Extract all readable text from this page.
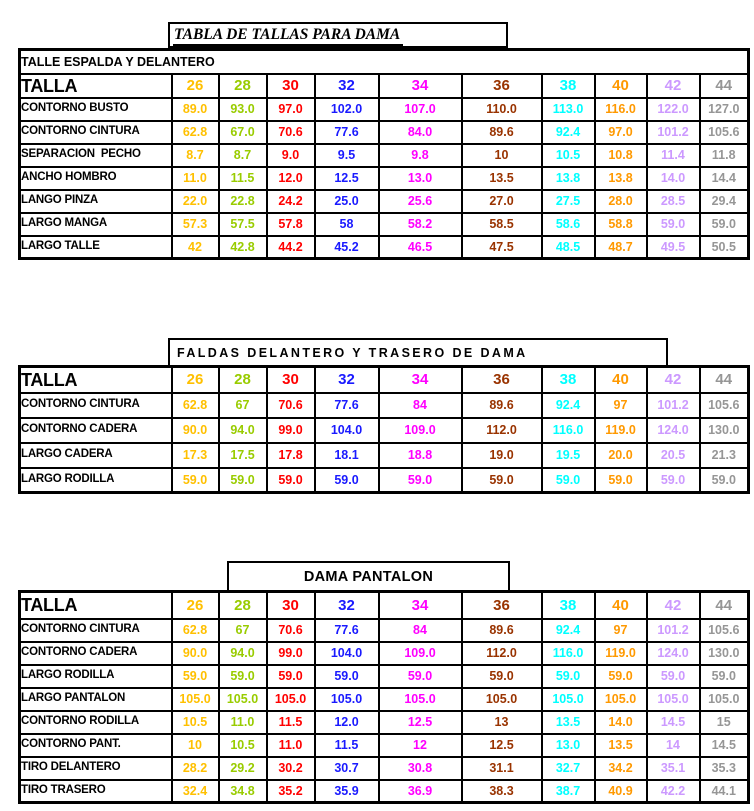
TABLA DE TALLAS PARA DAMA
TALLE ESPALDA Y DELANTERO										
TALLA	26	28	30	32	34	36	38	40	42	44
CONTORNO BUSTO	89.0	93.0	97.0	102.0	107.0	110.0	113.0	116.0	122.0	127.0
CONTORNO CINTURA	62.8	67.0	70.6	77.6	84.0	89.6	92.4	97.0	101.2	105.6
SEPARACION  PECHO	8.7	8.7	9.0	9.5	9.8	10	10.5	10.8	11.4	11.8
ANCHO HOMBRO	11.0	11.5	12.0	12.5	13.0	13.5	13.8	13.8	14.0	14.4
LANGO PINZA	22.0	22.8	24.2	25.0	25.6	27.0	27.5	28.0	28.5	29.4
LARGO MANGA	57.3	57.5	57.8	58	58.2	58.5	58.6	58.8	59.0	59.0
LARGO TALLE	42	42.8	44.2	45.2	46.5	47.5	48.5	48.7	49.5	50.5
FALDAS DELANTERO Y TRASERO DE DAMA
TALLA	26	28	30	32	34	36	38	40	42	44
CONTORNO CINTURA	62.8	67	70.6	77.6	84	89.6	92.4	97	101.2	105.6
CONTORNO CADERA	90.0	94.0	99.0	104.0	109.0	112.0	116.0	119.0	124.0	130.0
LARGO CADERA	17.3	17.5	17.8	18.1	18.8	19.0	19.5	20.0	20.5	21.3
LARGO RODILLA	59.0	59.0	59.0	59.0	59.0	59.0	59.0	59.0	59.0	59.0
DAMA PANTALON
TALLA	26	28	30	32	34	36	38	40	42	44
CONTORNO CINTURA	62.8	67	70.6	77.6	84	89.6	92.4	97	101.2	105.6
CONTORNO CADERA	90.0	94.0	99.0	104.0	109.0	112.0	116.0	119.0	124.0	130.0
LARGO RODILLA	59.0	59.0	59.0	59.0	59.0	59.0	59.0	59.0	59.0	59.0
LARGO PANTALON	105.0	105.0	105.0	105.0	105.0	105.0	105.0	105.0	105.0	105.0
CONTORNO RODILLA	10.5	11.0	11.5	12.0	12.5	13	13.5	14.0	14.5	15
CONTORNO PANT.	10	10.5	11.0	11.5	12	12.5	13.0	13.5	14	14.5
TIRO DELANTERO	28.2	29.2	30.2	30.7	30.8	31.1	32.7	34.2	35.1	35.3
TIRO TRASERO	32.4	34.8	35.2	35.9	36.9	38.3	38.7	40.9	42.2	44.1
